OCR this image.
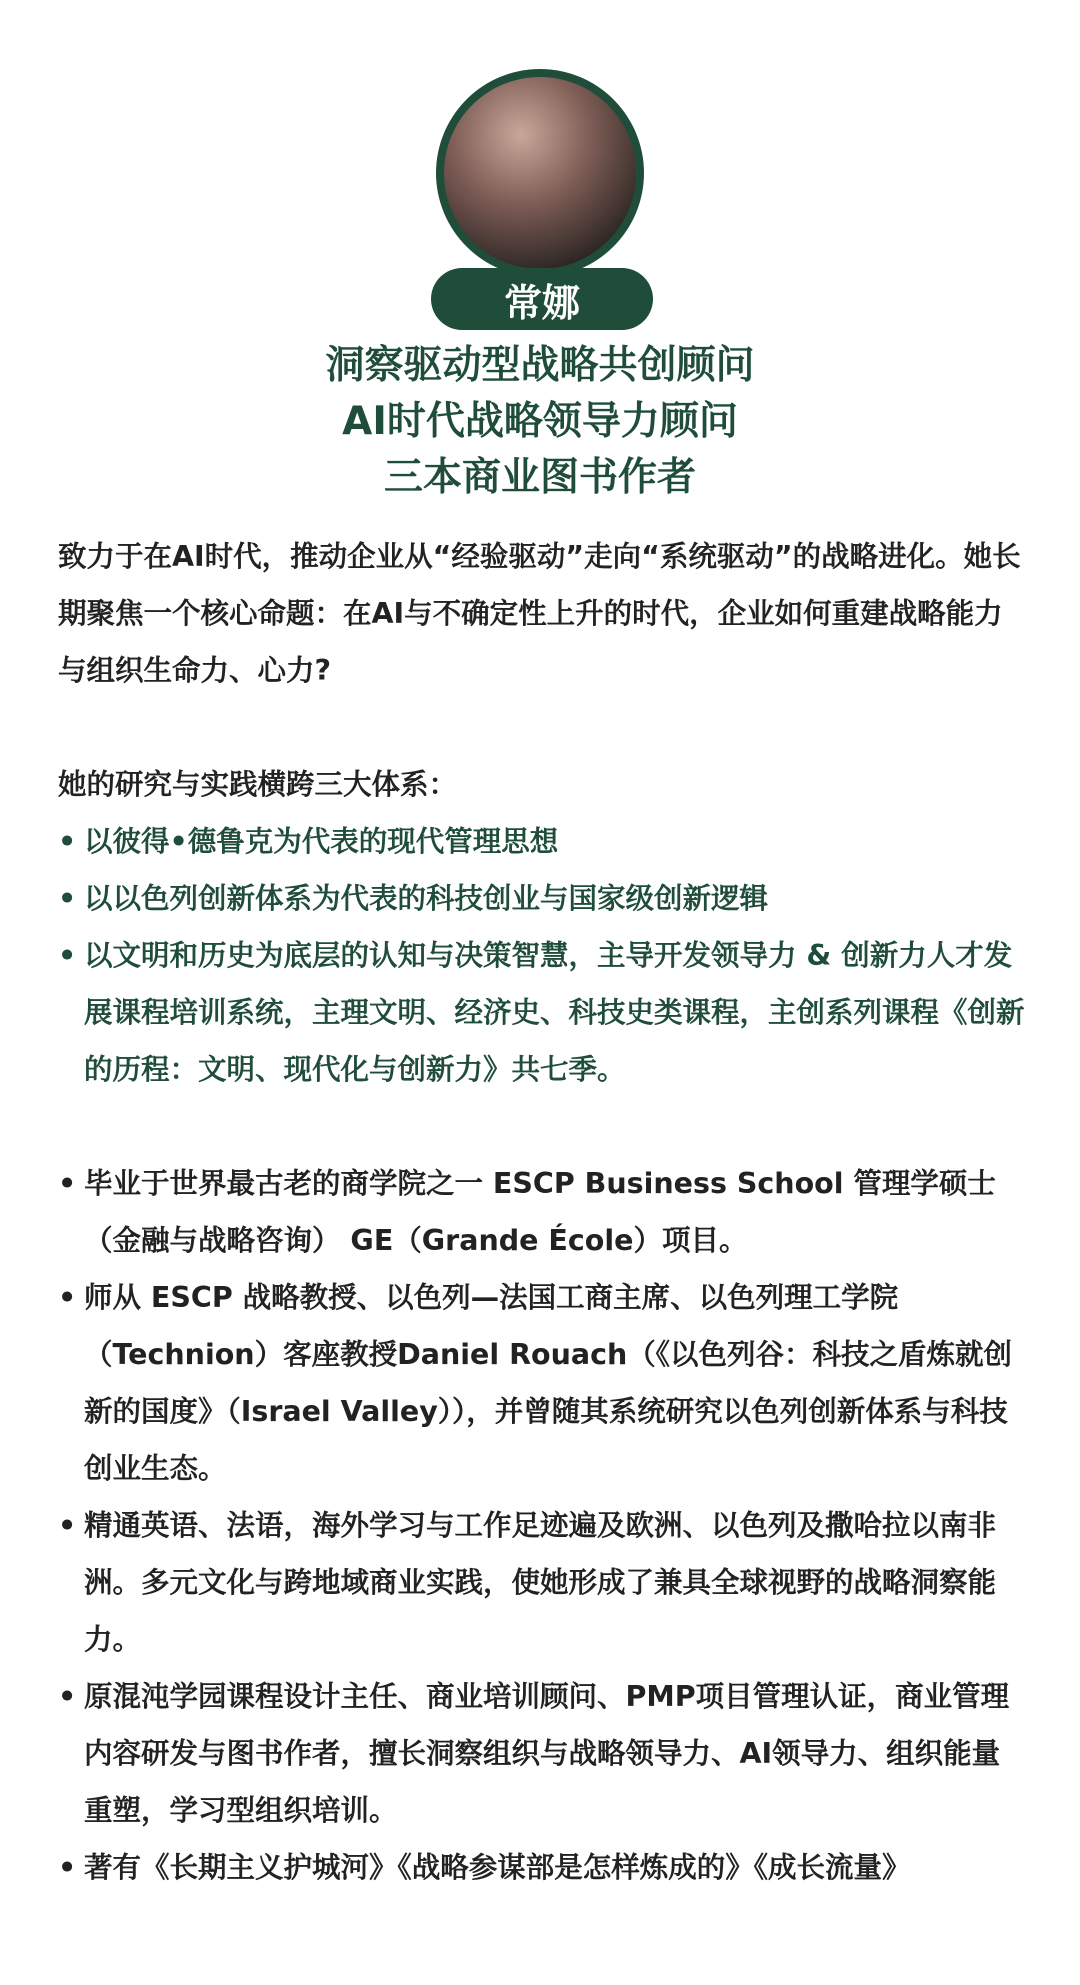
常娜
洞察驱动型战略共创顾问
AI时代战略领导力顾问
三本商业图书作者

致力于在AI时代，推动企业从“经验驱动”走向“系统驱动”的战略进化。她长期聚焦一个核心命题：在AI与不确定性上升的时代，企业如何重建战略能力与组织生命力、心力?

她的研究与实践横跨三大体系：

• 以彼得•德鲁克为代表的现代管理思想
• 以以色列创新体系为代表的科技创业与国家级创新逻辑
• 以文明和历史为底层的认知与决策智慧，主导开发领导力 & 创新力人才发展课程培训系统，主理文明、经济史、科技史类课程，主创系列课程《创新的历程：文明、现代化与创新力》共七季。
• 毕业于世界最古老的商学院之一 ESCP Business School 管理学硕士（金融与战略咨询） GE（Grande École）项目。
• 师从 ESCP 战略教授、以色列—法国工商主席、以色列理工学院（Technion）客座教授Daniel Rouach（《以色列谷：科技之盾炼就创新的国度》（Israel Valley）），并曾随其系统研究以色列创新体系与科技创业生态。
• 精通英语、法语，海外学习与工作足迹遍及欧洲、以色列及撒哈拉以南非洲。多元文化与跨地域商业实践，使她形成了兼具全球视野的战略洞察能力。
• 原混沌学园课程设计主任、商业培训顾问、PMP项目管理认证，商业管理内容研发与图书作者，擅长洞察组织与战略领导力、AI领导力、组织能量重塑，学习型组织培训。
• 著有《长期主义护城河》《战略参谋部是怎样炼成的》《成长流量》
